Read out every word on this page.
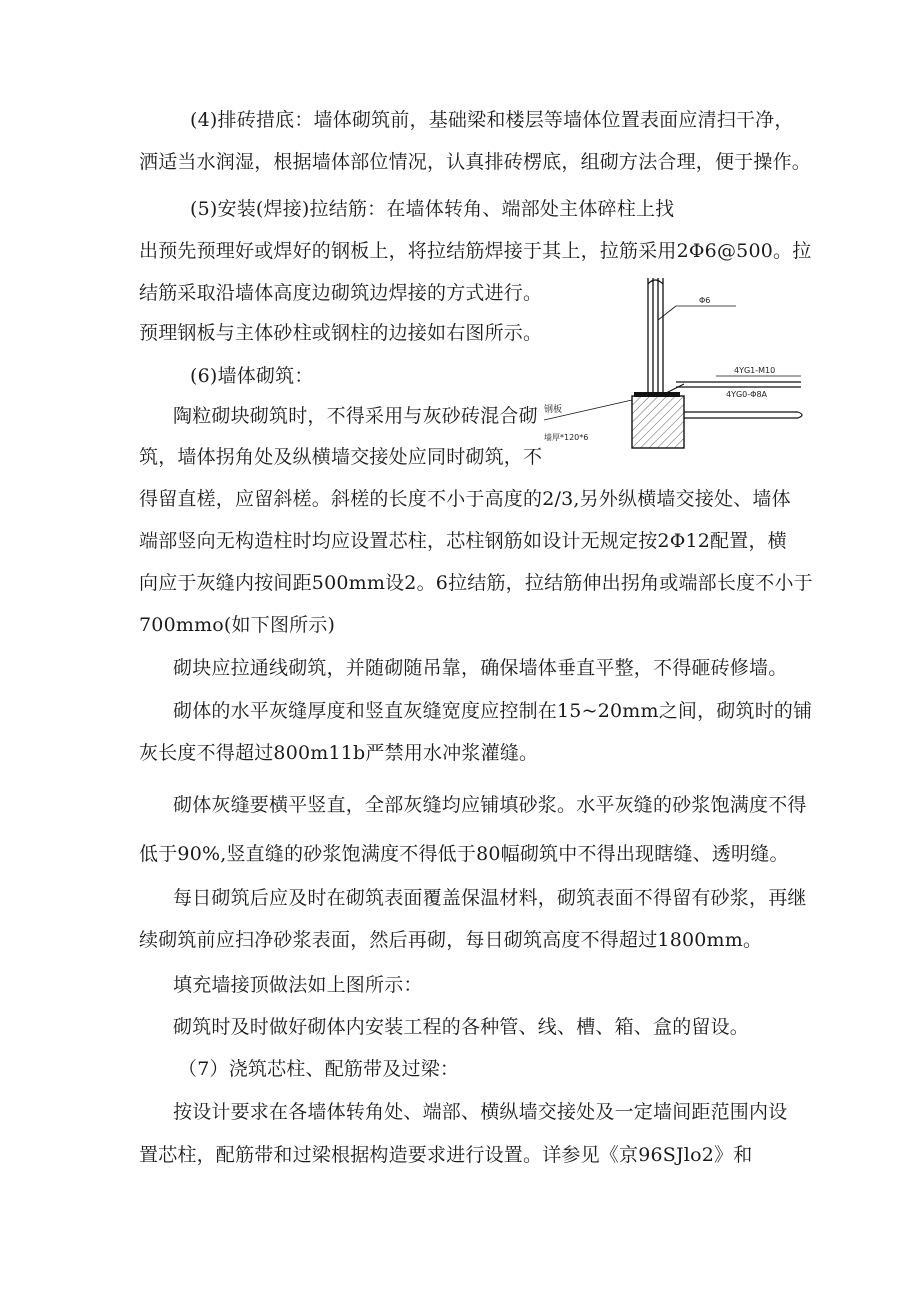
(4)排砖措底：墙体砌筑前，基础梁和楼层等墙体位置表面应清扫干净，
洒适当水润湿，根据墙体部位情况，认真排砖楞底，组砌方法合理，便于操作。
(5)安装(焊接)拉结筋：在墙体转角、端部处主体碎柱上找
出预先预理好或焊好的钢板上，将拉结筋焊接于其上，拉筋采用2Φ6@500。拉
结筋采取沿墙体高度边砌筑边焊接的方式进行。
预理钢板与主体砂柱或钢柱的边接如右图所示。
(6)墙体砌筑：
陶粒砌块砌筑时，不得采用与灰砂砖混合砌
筑，墙体拐角处及纵横墙交接处应同时砌筑，不
得留直槎，应留斜槎。斜槎的长度不小于高度的2/3,另外纵横墙交接处、墙体
端部竖向无构造柱时均应设置芯柱，芯柱钢筋如设计无规定按2Φ12配置，横
向应于灰缝内按间距500mm设2。6拉结筋，拉结筋伸出拐角或端部长度不小于
700mmo(如下图所示)
砌块应拉通线砌筑，并随砌随吊靠，确保墙体垂直平整，不得砸砖修墙。
砌体的水平灰缝厚度和竖直灰缝宽度应控制在15~20mm之间，砌筑时的铺
灰长度不得超过800m11b严禁用水冲浆灌缝。
砌体灰缝要横平竖直，全部灰缝均应铺填砂浆。水平灰缝的砂浆饱满度不得
低于90%,竖直缝的砂浆饱满度不得低于80幅砌筑中不得出现瞎缝、透明缝。
每日砌筑后应及时在砌筑表面覆盖保温材料，砌筑表面不得留有砂浆，再继
续砌筑前应扫净砂浆表面，然后再砌，每日砌筑高度不得超过1800mm。
填充墙接顶做法如上图所示：
砌筑时及时做好砌体内安装工程的各种管、线、槽、箱、盒的留设。
（7）浇筑芯柱、配筋带及过梁：
按设计要求在各墙体转角处、端部、横纵墙交接处及一定墙间距范围内设
置芯柱，配筋带和过梁根据构造要求进行设置。详参见《京96SJlo2》和
Φ6
4YG1-M10
4YG0-Φ8A
钢板
墙厚*120*6
